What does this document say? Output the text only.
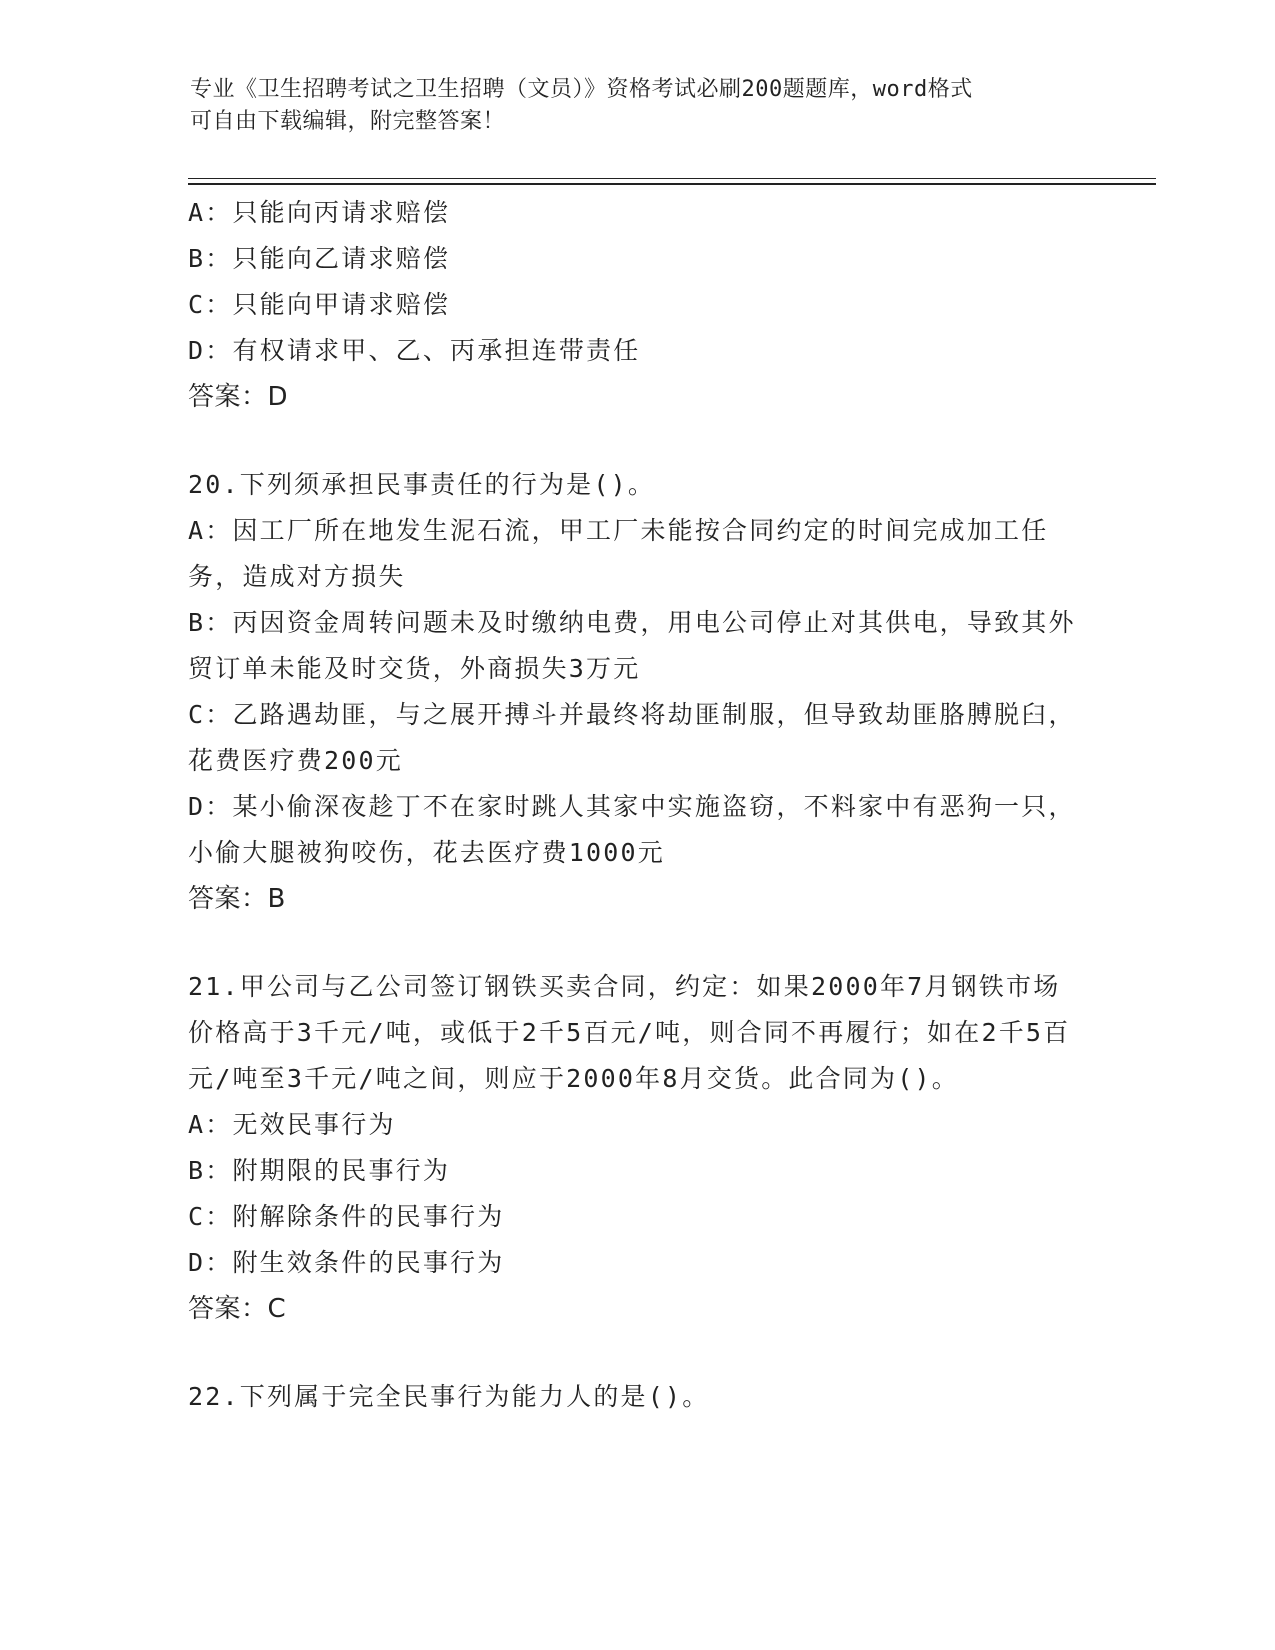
专业《卫生招聘考试之卫生招聘（文员）》资格考试必刷200题题库，word格式
可自由下载编辑，附完整答案！
A：只能向丙请求赔偿
B：只能向乙请求赔偿
C：只能向甲请求赔偿
D：有权请求甲、乙、丙承担连带责任
答案：D
20.下列须承担民事责任的行为是()。
A：因工厂所在地发生泥石流，甲工厂未能按合同约定的时间完成加工任务，造成对方损失
B：丙因资金周转问题未及时缴纳电费，用电公司停止对其供电，导致其外贸订单未能及时交货，外商损失3万元
C：乙路遇劫匪，与之展开搏斗并最终将劫匪制服，但导致劫匪胳膊脱臼，花费医疗费200元
D：某小偷深夜趁丁不在家时跳人其家中实施盗窃，不料家中有恶狗一只，小偷大腿被狗咬伤，花去医疗费1000元
答案：B
21.甲公司与乙公司签订钢铁买卖合同，约定：如果2000年7月钢铁市场价格高于3千元/吨，或低于2千5百元/吨，则合同不再履行；如在2千5百元/吨至3千元/吨之间，则应于2000年8月交货。此合同为()。
A：无效民事行为
B：附期限的民事行为
C：附解除条件的民事行为
D：附生效条件的民事行为
答案：C
22.下列属于完全民事行为能力人的是()。
